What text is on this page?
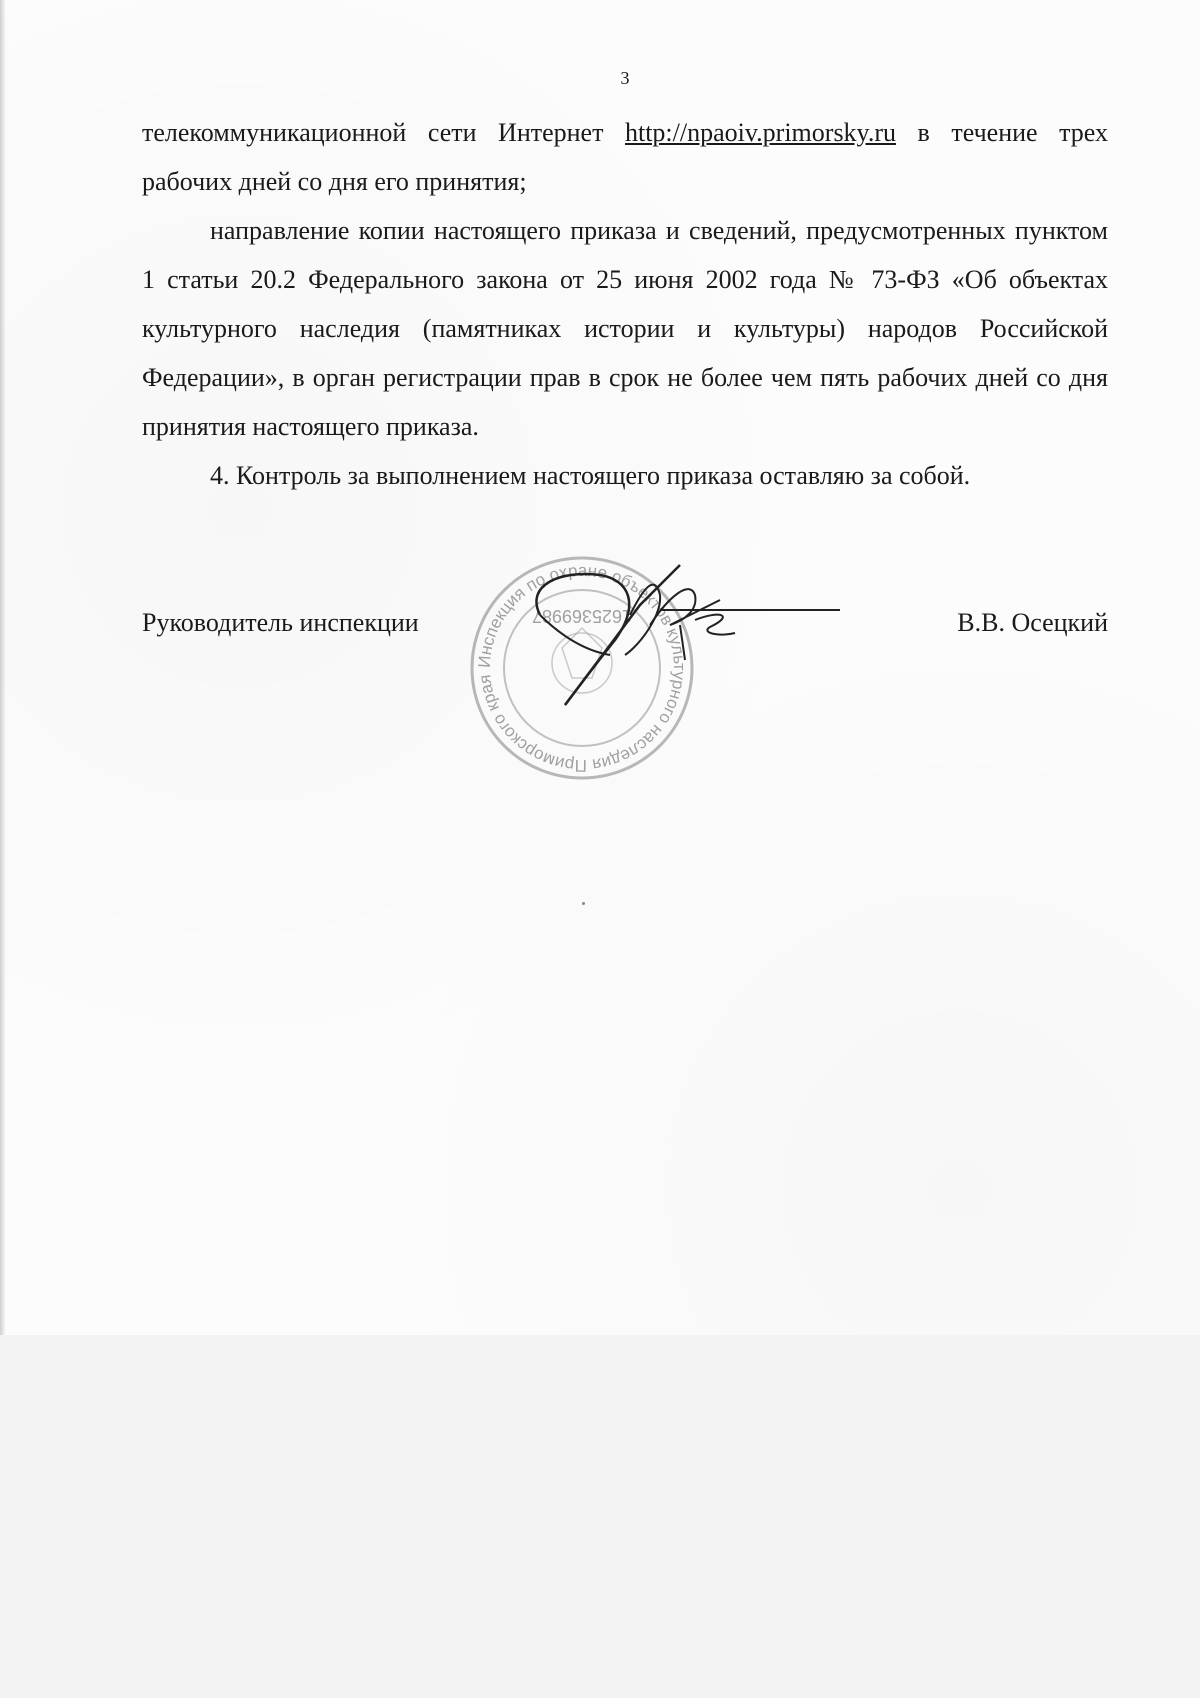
3

телекоммуникационной сети Интернет http://npaoiv.primorsky.ru в течение трех рабочих дней со дня его принятия;

направление копии настоящего приказа и сведений, предусмотренных пунктом 1 статьи 20.2 Федерального закона от 25 июня 2002 года № 73-ФЗ «Об объектах культурного наследия (памятниках истории и культуры) народов Российской Федерации», в орган регистрации прав в срок не более чем пять рабочих дней со дня принятия настоящего приказа.

4. Контроль за выполнением настоящего приказа оставляю за собой.

Инспекция по охране объектов культурного наследия Приморского края
1625369987
Руководитель инспекции	В.В. Осецкий
